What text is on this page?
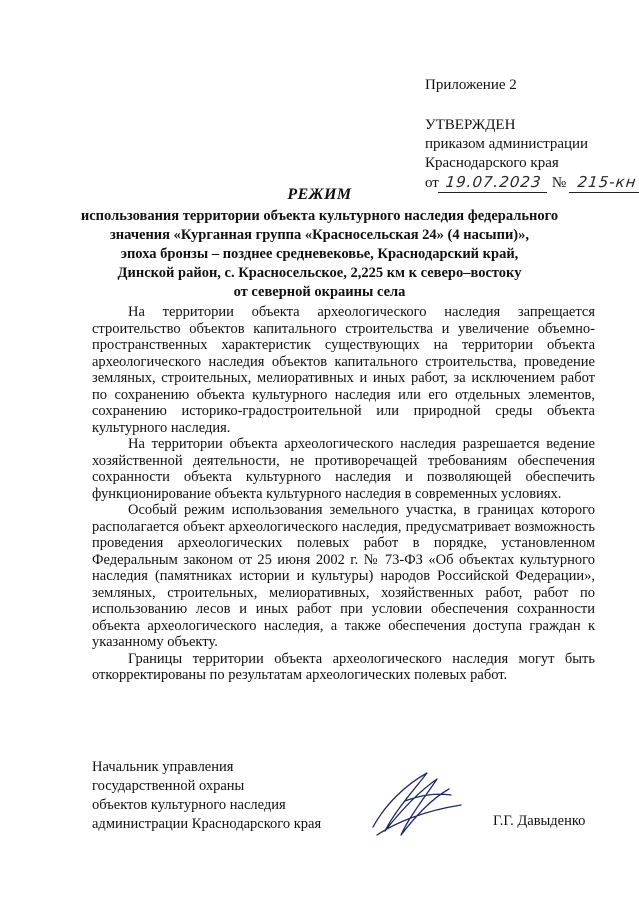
Приложение 2
УТВЕРЖДЕН
приказом администрации
Краснодарского края
от 19.07.2023 № 215-кн
РЕЖИМ
использования территории объекта культурного наследия федерального
значения «Курганная группа «Красносельская 24» (4 насыпи)»,
эпоха бронзы – позднее средневековье, Краснодарский край,
Динской район, с. Красносельское, 2,225 км к северо–востоку
от северной окраины села

На территории объекта археологического наследия запрещается строительство объектов капитального строительства и увеличение объемно-пространственных характеристик существующих на территории объекта археологического наследия объектов капитального строительства, проведение земляных, строительных, мелиоративных и иных работ, за исключением работ по сохранению объекта культурного наследия или его отдельных элементов, сохранению историко-градостроительной или природной среды объекта культурного наследия.

На территории объекта археологического наследия разрешается ведение хозяйственной деятельности, не противоречащей требованиям обеспечения сохранности объекта культурного наследия и позволяющей обеспечить функционирование объекта культурного наследия в современных условиях.

Особый режим использования земельного участка, в границах которого располагается объект археологического наследия, предусматривает возможность проведения археологических полевых работ в порядке, установленном Федеральным законом от 25 июня 2002 г. № 73-ФЗ «Об объектах культурного наследия (памятниках истории и культуры) народов Российской Федерации», земляных, строительных, мелиоративных, хозяйственных работ, работ по использованию лесов и иных работ при условии обеспечения сохранности объекта археологического наследия, а также обеспечения доступа граждан к указанному объекту.

Границы территории объекта археологического наследия могут быть откорректированы по результатам археологических полевых работ.

Начальник управления
государственной охраны
объектов культурного наследия
администрации Краснодарского края	Г.Г. Давыденко
